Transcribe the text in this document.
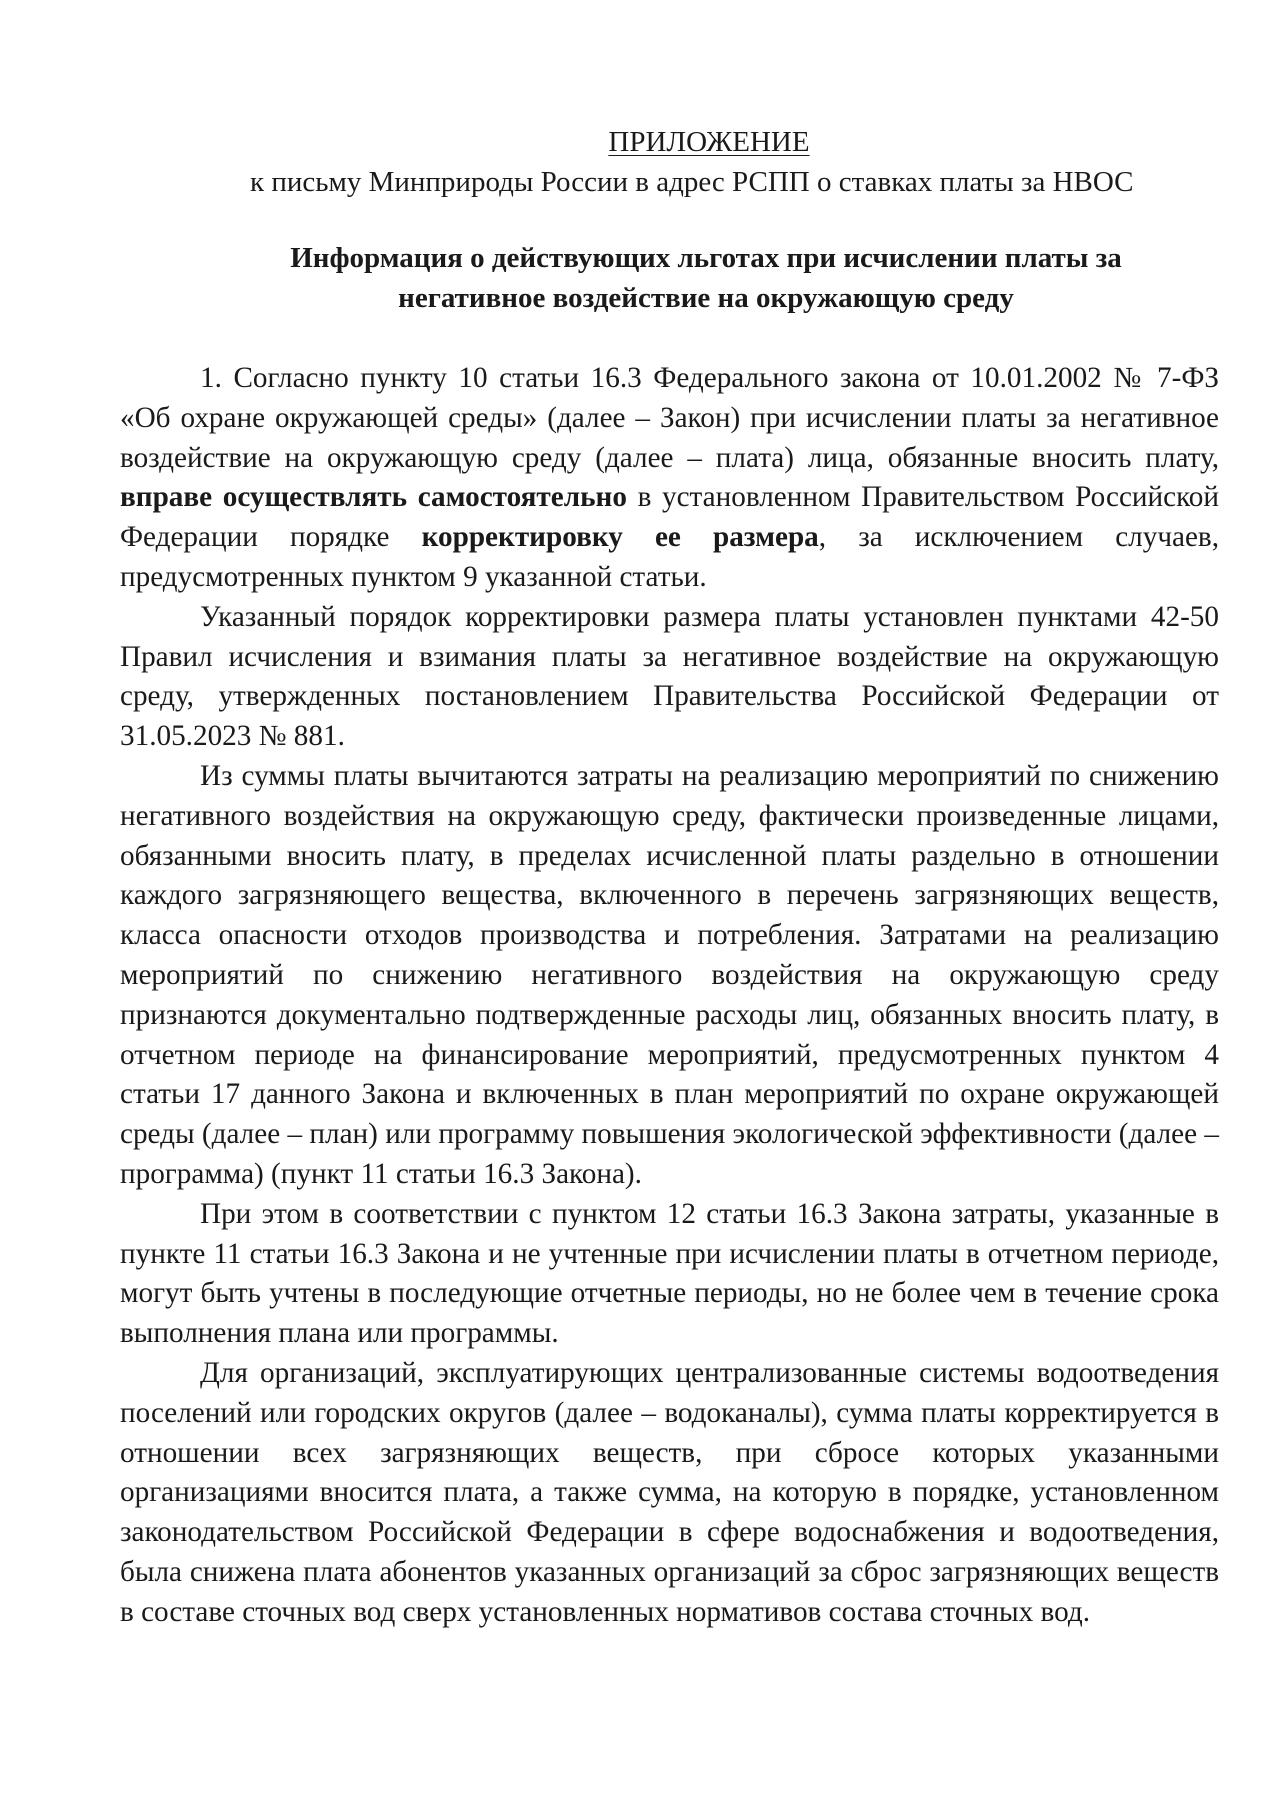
ПРИЛОЖЕНИЕ
к письму Минприроды России в адрес РСПП о ставках платы за НВОС
Информация о действующих льготах при исчислении платы за
негативное воздействие на окружающую среду

1. Согласно пункту 10 статьи 16.3 Федерального закона от 10.01.2002 № 7-ФЗ «Об охране окружающей среды» (далее – Закон) при исчислении платы за негативное воздействие на окружающую среду (далее – плата) лица, обязанные вносить плату, вправе осуществлять самостоятельно в установленном Правительством Российской Федерации порядке корректировку ее размера, за исключением случаев, предусмотренных пунктом 9 указанной статьи.

Указанный порядок корректировки размера платы установлен пунктами 42-50 Правил исчисления и взимания платы за негативное воздействие на окружающую среду, утвержденных постановлением Правительства Российской Федерации от 31.05.2023 № 881.

Из суммы платы вычитаются затраты на реализацию мероприятий по снижению негативного воздействия на окружающую среду, фактически произведенные лицами, обязанными вносить плату, в пределах исчисленной платы раздельно в отношении каждого загрязняющего вещества, включенного в перечень загрязняющих веществ, класса опасности отходов производства и потребления. Затратами на реализацию мероприятий по снижению негативного воздействия на окружающую среду признаются документально подтвержденные расходы лиц, обязанных вносить плату, в отчетном периоде на финансирование мероприятий, предусмотренных пунктом 4 статьи 17 данного Закона и включенных в план мероприятий по охране окружающей среды (далее – план) или программу повышения экологической эффективности (далее – программа) (пункт 11 статьи 16.3 Закона).

При этом в соответствии с пунктом 12 статьи 16.3 Закона затраты, указанные в пункте 11 статьи 16.3 Закона и не учтенные при исчислении платы в отчетном периоде, могут быть учтены в последующие отчетные периоды, но не более чем в течение срока выполнения плана или программы.

Для организаций, эксплуатирующих централизованные системы водоотведения поселений или городских округов (далее – водоканалы), сумма платы корректируется в отношении всех загрязняющих веществ, при сбросе которых указанными организациями вносится плата, а также сумма, на которую в порядке, установленном законодательством Российской Федерации в сфере водоснабжения и водоотведения, была снижена плата абонентов указанных организаций за сброс загрязняющих веществ в составе сточных вод сверх установленных нормативов состава сточных вод.
